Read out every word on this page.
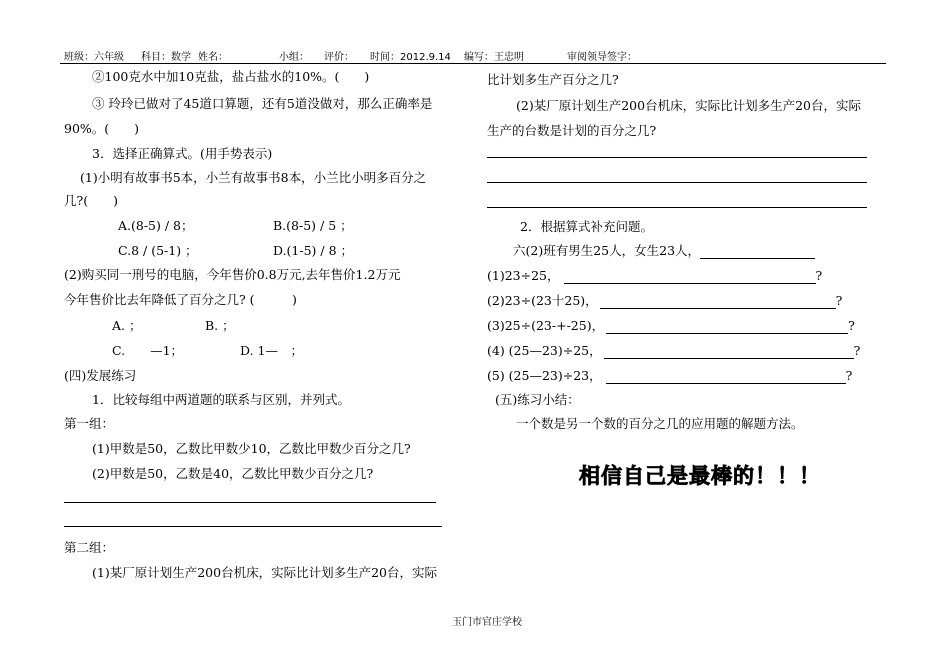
班级：六年级 科目：数学 姓名：	小组： 评价： 时间：2012.9.14 编写：王忠明	审阅领导签字：
②100克水中加10克盐，盐占盐水的10%。(　　)
③ 玲玲已做对了45道口算题，还有5道没做对，那么正确率是
90%。(　　)
3．选择正确算式。(用手势表示)
(1)小明有故事书5本，小兰有故事书8本，小兰比小明多百分之
几?(　　)
A.(8-5) / 8；	B.(8-5) / 5 ；
C.8 / (5-1) ；	D.(1-5) / 8 ；
(2)购买同一刑号的电脑，今年售价0.8万元,去年售价1.2万元
今年售价比去年降低了百分之几? (　　　)
A. ；	B. ；
C.　　—1；	D. 1—　；
(四)发展练习
1．比较每组中两道题的联系与区别，并列式。
第一组：
(1)甲数是50，乙数比甲数少10，乙数比甲数少百分之几?
(2)甲数是50，乙数是40，乙数比甲数少百分之几?
第二组：
(1)某厂原计划生产200台机床，实际比计划多生产20台，实际
比计划多生产百分之几?
(2)某厂原计划生产200台机床，实际比计划多生产20台，实际
生产的台数是计划的百分之几?
2．根据算式补充问题。
六(2)班有男生25人，女生23人，
(1)23÷25，	?
(2)23÷(23十25)，	?
(3)25÷(23-+-25)，	?
(4) (25—23)÷25，	?
(5) (25—23)÷23，	?
(五)练习小结：
一个数是另一个数的百分之几的应用题的解题方法。
相信自己是最棒的！！！
玉门市官庄学校
